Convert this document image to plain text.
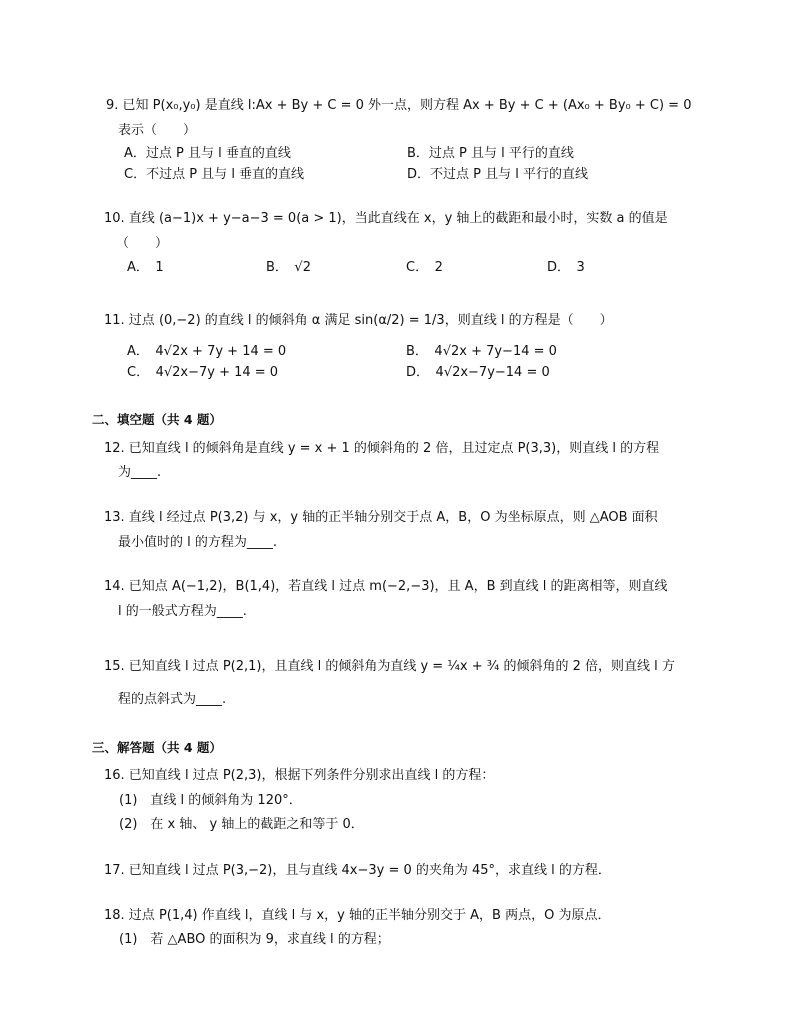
9. 已知 P(x₀,y₀) 是直线 l:Ax + By + C = 0 外一点，则方程 Ax + By + C + (Ax₀ + By₀ + C) = 0
表示（　　）
A．过点 P 且与 l 垂直的直线	B．过点 P 且与 l 平行的直线
C．不过点 P 且与 l 垂直的直线	D．不过点 P 且与 l 平行的直线
10. 直线 (a−1)x + y−a−3 = 0(a > 1)，当此直线在 x，y 轴上的截距和最小时，实数 a 的值是
（　　）
A．　1	B．　√2	C．　2	D．　3
11. 过点 (0,−2) 的直线 l 的倾斜角 α 满足 sin(α/2) = 1/3，则直线 l 的方程是（　　）
A．　4√2x + 7y + 14 = 0	B．　4√2x + 7y−14 = 0
C．　4√2x−7y + 14 = 0	D．　4√2x−7y−14 = 0
二、填空题（共 4 题）
12. 已知直线 l 的倾斜角是直线 y = x + 1 的倾斜角的 2 倍，且过定点 P(3,3)，则直线 l 的方程
为____.
13. 直线 l 经过点 P(3,2) 与 x，y 轴的正半轴分别交于点 A，B，O 为坐标原点，则 △AOB 面积
最小值时的 l 的方程为____.
14. 已知点 A(−1,2)，B(1,4)，若直线 l 过点 m(−2,−3)，且 A，B 到直线 l 的距离相等，则直线
l 的一般式方程为____.
15. 已知直线 l 过点 P(2,1)，且直线 l 的倾斜角为直线 y = ¼x + ¾ 的倾斜角的 2 倍，则直线 l 方
程的点斜式为____.
三、解答题（共 4 题）
16. 已知直线 l 过点 P(2,3)，根据下列条件分别求出直线 l 的方程：
(1)　直线 l 的倾斜角为 120°．
(2)　在 x 轴、 y 轴上的截距之和等于 0．
17. 已知直线 l 过点 P(3,−2)，且与直线 4x−3y = 0 的夹角为 45°，求直线 l 的方程．
18. 过点 P(1,4) 作直线 l，直线 l 与 x，y 轴的正半轴分别交于 A，B 两点，O 为原点．
(1)　若 △ABO 的面积为 9，求直线 l 的方程；
